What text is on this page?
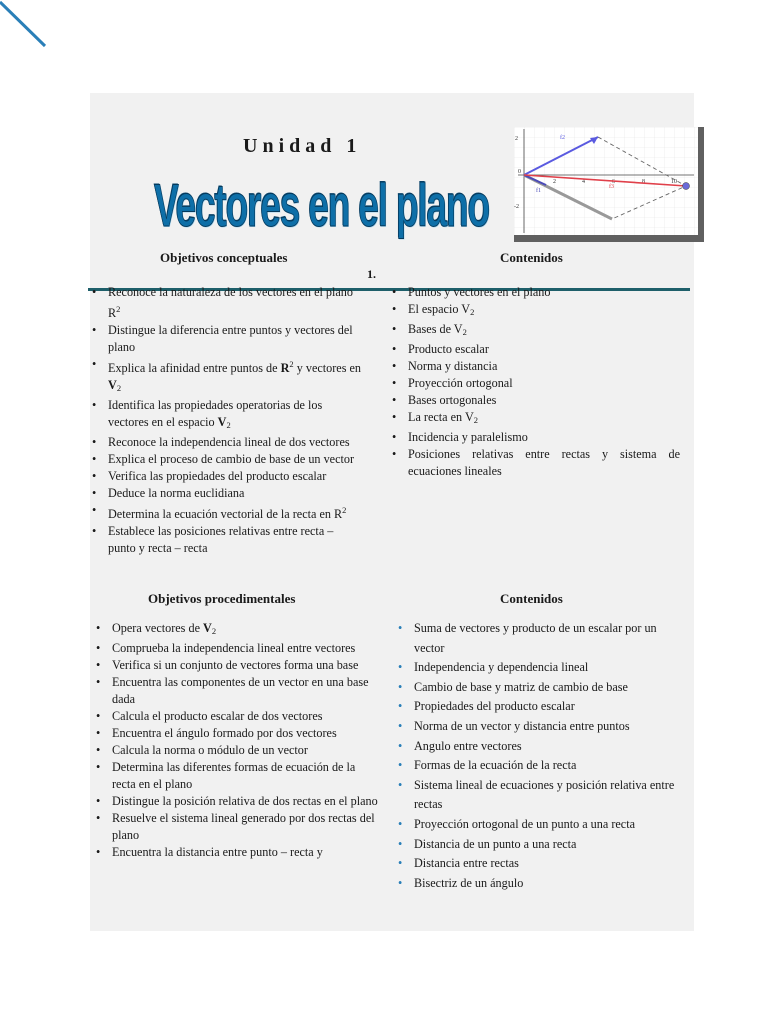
Unidad 1
Vectores en el plano
2
-2
0
2	4	6	8	10
f2
f1
f3
Objetivos conceptuales	Contenidos
1.
• Reconoce la naturaleza de los vectores en el plano $R^2$
• Distingue la diferencia entre puntos y vectores del plano
• Explica la afinidad entre puntos de $R^2$ y vectores en $V_2$
• Identifica las propiedades operatorias de los vectores en el espacio $V_2$
• Reconoce la independencia lineal de dos vectores
• Explica el proceso de cambio de base de un vector
• Verifica las propiedades del producto escalar
• Deduce la norma euclidiana
• Determina la ecuación vectorial de la recta en $R^2$
• Establece las posiciones relativas entre recta – punto y recta – recta
• Puntos y vectores en el plano
• El espacio $V_2$
• Bases de $V_2$
• Producto escalar
• Norma y distancia
• Proyección ortogonal
• Bases ortogonales
• La recta en $V_2$
• Incidencia y paralelismo
• Posiciones relativas entre rectas y sistema de ecuaciones lineales
Objetivos procedimentales	Contenidos
• Opera vectores de $V_2$
• Comprueba la independencia lineal entre vectores
• Verifica si un conjunto de vectores forma una base
• Encuentra las componentes de un vector en una base dada
• Calcula el producto escalar de dos vectores
• Encuentra el ángulo formado por dos vectores
• Calcula la norma o módulo de un vector
• Determina las diferentes formas de ecuación de la recta en el plano
• Distingue la posición relativa de dos rectas en el plano
• Resuelve el sistema lineal generado por dos rectas del plano
• Encuentra la distancia entre punto – recta y
• Suma de vectores y producto de un escalar por un vector
• Independencia y dependencia lineal
• Cambio de base y matriz de cambio de base
• Propiedades del producto escalar
• Norma de un vector y distancia entre puntos
• Angulo entre vectores
• Formas de la ecuación de la recta
• Sistema lineal de ecuaciones y posición relativa entre rectas
• Proyección ortogonal de un punto a una recta
• Distancia de un punto a una recta
• Distancia entre rectas
• Bisectriz de un ángulo
